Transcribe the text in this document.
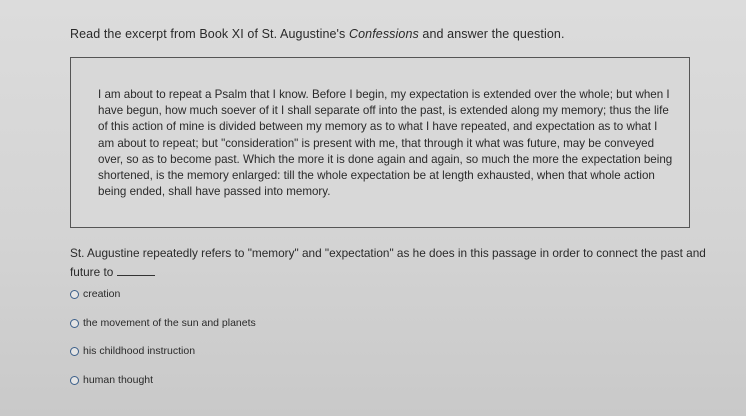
Read the excerpt from Book XI of St. Augustine's Confessions and answer the question.
I am about to repeat a Psalm that I know. Before I begin, my expectation is extended over the whole; but when I have begun, how much soever of it I shall separate off into the past, is extended along my memory; thus the life of this action of mine is divided between my memory as to what I have repeated, and expectation as to what I am about to repeat; but "consideration" is present with me, that through it what was future, may be conveyed over, so as to become past. Which the more it is done again and again, so much the more the expectation being shortened, is the memory enlarged: till the whole expectation be at length exhausted, when that whole action being ended, shall have passed into memory.
St. Augustine repeatedly refers to "memory" and "expectation" as he does in this passage in order to connect the past and future to
creation
the movement of the sun and planets
his childhood instruction
human thought
